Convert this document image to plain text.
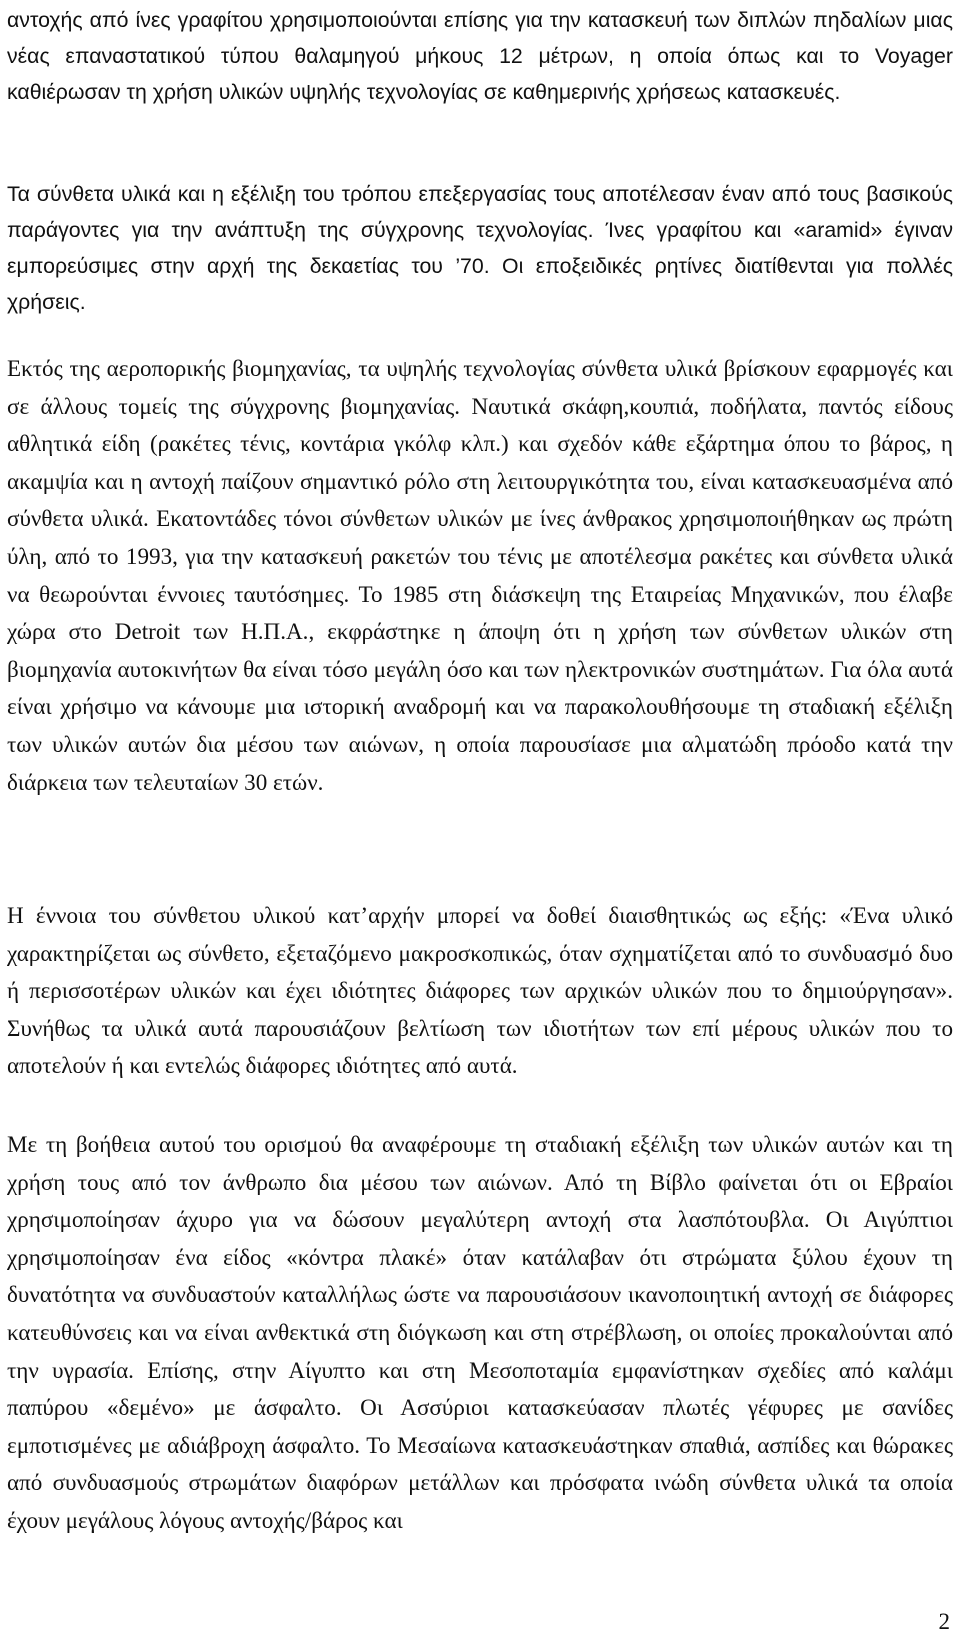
αντοχής από ίνες γραφίτου χρησιμοποιούνται επίσης για την κατασκευή των διπλών πηδαλίων μιας νέας επαναστατικού τύπου θαλαμηγού μήκους 12 μέτρων, η οποία όπως και το Voyager καθιέρωσαν τη χρήση υλικών υψηλής τεχνολογίας σε καθημερινής χρήσεως κατασκευές.

Τα σύνθετα υλικά και η εξέλιξη του τρόπου επεξεργασίας τους αποτέλεσαν έναν από τους βασικούς παράγοντες για την ανάπτυξη της σύγχρονης τεχνολογίας. Ίνες γραφίτου και «aramid» έγιναν εμπορεύσιμες στην αρχή της δεκαετίας του ’70. Οι εποξειδικές ρητίνες διατίθενται για πολλές χρήσεις.

Εκτός της αεροπορικής βιομηχανίας, τα υψηλής τεχνολογίας σύνθετα υλικά βρίσκουν εφαρμογές και σε άλλους τομείς της σύγχρονης βιομηχανίας. Ναυτικά σκάφη,κουπιά, ποδήλατα, παντός είδους αθλητικά είδη (ρακέτες τένις, κοντάρια γκόλφ κλπ.) και σχεδόν κάθε εξάρτημα όπου το βάρος, η ακαμψία και η αντοχή παίζουν σημαντικό ρόλο στη λειτουργικότητα του, είναι κατασκευασμένα από σύνθετα υλικά. Εκατοντάδες τόνοι σύνθετων υλικών με ίνες άνθρακος χρησιμοποιήθηκαν ως πρώτη ύλη, από το 1993, για την κατασκευή ρακετών του τένις με αποτέλεσμα ρακέτες και σύνθετα υλικά να θεωρούνται έννοιες ταυτόσημες. Το 1985 στη διάσκεψη της Εταιρείας Μηχανικών, που έλαβε χώρα στο Detroit των Η.Π.Α., εκφράστηκε η άποψη ότι η χρήση των σύνθετων υλικών στη βιομηχανία αυτοκινήτων θα είναι τόσο μεγάλη όσο και των ηλεκτρονικών συστημάτων. Για όλα αυτά είναι χρήσιμο να κάνουμε μια ιστορική αναδρομή και να παρακολουθήσουμε τη σταδιακή εξέλιξη των υλικών αυτών δια μέσου των αιώνων, η οποία παρουσίασε μια αλματώδη πρόοδο κατά την διάρκεια των τελευταίων 30 ετών.

Η έννοια του σύνθετου υλικού κατ’αρχήν μπορεί να δοθεί διαισθητικώς ως εξής: «Ένα υλικό χαρακτηρίζεται ως σύνθετο, εξεταζόμενο μακροσκοπικώς, όταν σχηματίζεται από το συνδυασμό δυο ή περισσοτέρων υλικών και έχει ιδιότητες διάφορες των αρχικών υλικών που το δημιούργησαν». Συνήθως τα υλικά αυτά παρουσιάζουν βελτίωση των ιδιοτήτων των επί μέρους υλικών που το αποτελούν ή και εντελώς διάφορες ιδιότητες από αυτά.

Με τη βοήθεια αυτού του ορισμού θα αναφέρουμε τη σταδιακή εξέλιξη των υλικών αυτών και τη χρήση τους από τον άνθρωπο δια μέσου των αιώνων. Από τη Βίβλο φαίνεται ότι οι Εβραίοι χρησιμοποίησαν άχυρο για να δώσουν μεγαλύτερη αντοχή στα λασπότουβλα. Οι Αιγύπτιοι χρησιμοποίησαν ένα είδος «κόντρα πλακέ» όταν κατάλαβαν ότι στρώματα ξύλου έχουν τη δυνατότητα να συνδυαστούν καταλλήλως ώστε να παρουσιάσουν ικανοποιητική αντοχή σε διάφορες κατευθύνσεις και να είναι ανθεκτικά στη διόγκωση και στη στρέβλωση, οι οποίες προκαλούνται από την υγρασία. Επίσης, στην Αίγυπτο και στη Μεσοποταμία εμφανίστηκαν σχεδίες από καλάμι παπύρου «δεμένο» με άσφαλτο. Οι Ασσύριοι κατασκεύασαν πλωτές γέφυρες με σανίδες εμποτισμένες με αδιάβροχη άσφαλτο. Το Μεσαίωνα κατασκευάστηκαν σπαθιά, ασπίδες και θώρακες από συνδυασμούς στρωμάτων διαφόρων μετάλλων και πρόσφατα ινώδη σύνθετα υλικά τα οποία έχουν μεγάλους λόγους αντοχής/βάρος και

2
